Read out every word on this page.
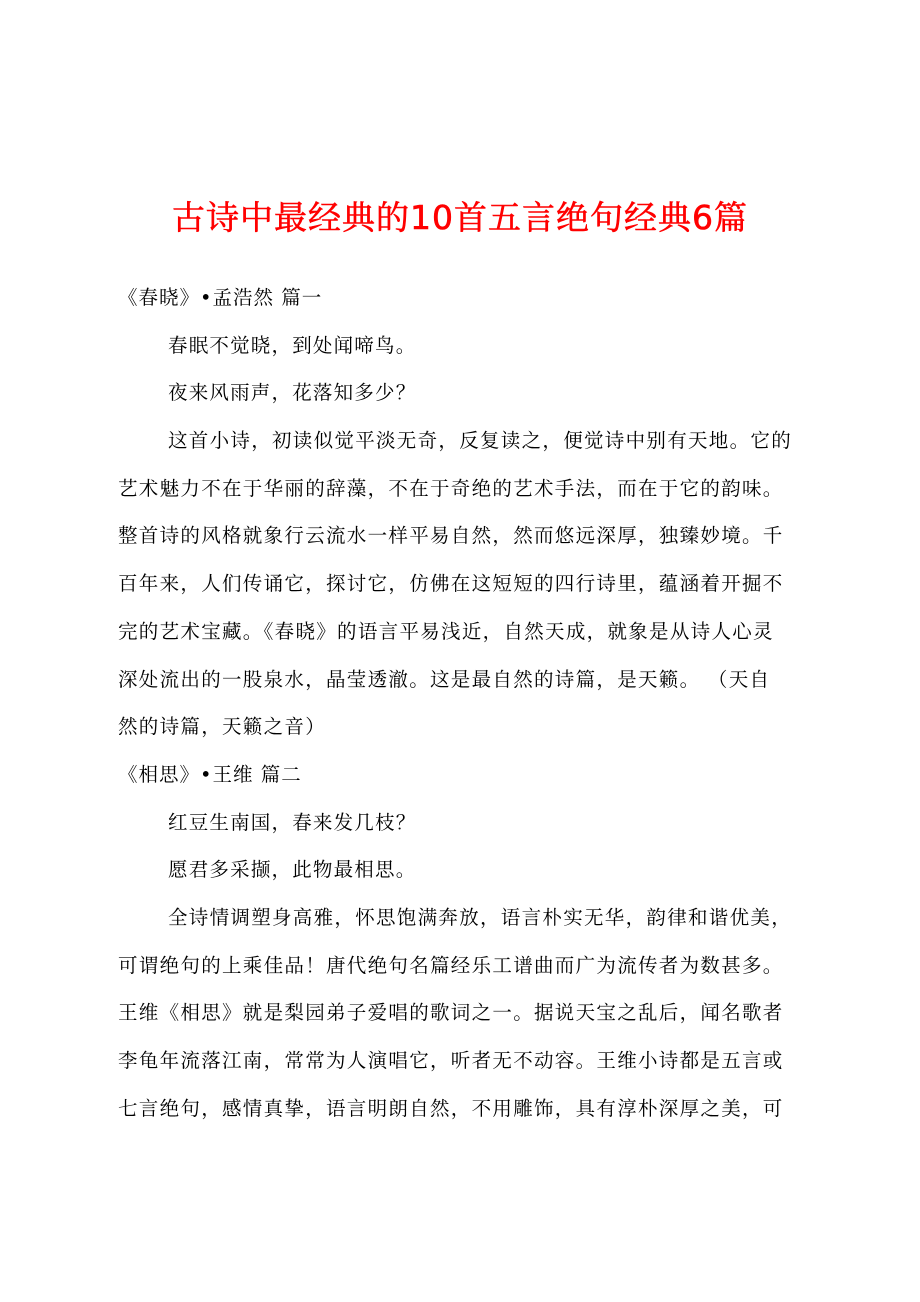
古诗中最经典的10首五言绝句经典6篇
《春晓》•孟浩然 篇一
春眠不觉晓，到处闻啼鸟。
夜来风雨声，花落知多少？
这首小诗，初读似觉平淡无奇，反复读之，便觉诗中别有天地。它的
艺术魅力不在于华丽的辞藻，不在于奇绝的艺术手法，而在于它的韵味。
整首诗的风格就象行云流水一样平易自然，然而悠远深厚，独臻妙境。千
百年来，人们传诵它，探讨它，仿佛在这短短的四行诗里，蕴涵着开掘不
完的艺术宝藏。《春晓》的语言平易浅近，自然天成，就象是从诗人心灵
深处流出的一股泉水，晶莹透澈。这是最自然的诗篇，是天籁。 （天自
然的诗篇，天籁之音）
《相思》•王维 篇二
红豆生南国，春来发几枝？
愿君多采撷，此物最相思。
全诗情调塑身高雅，怀思饱满奔放，语言朴实无华，韵律和谐优美，
可谓绝句的上乘佳品！唐代绝句名篇经乐工谱曲而广为流传者为数甚多。
王维《相思》就是梨园弟子爱唱的歌词之一。据说天宝之乱后，闻名歌者
李龟年流落江南，常常为人演唱它，听者无不动容。王维小诗都是五言或
七言绝句，感情真挚，语言明朗自然，不用雕饰，具有淳朴深厚之美，可
